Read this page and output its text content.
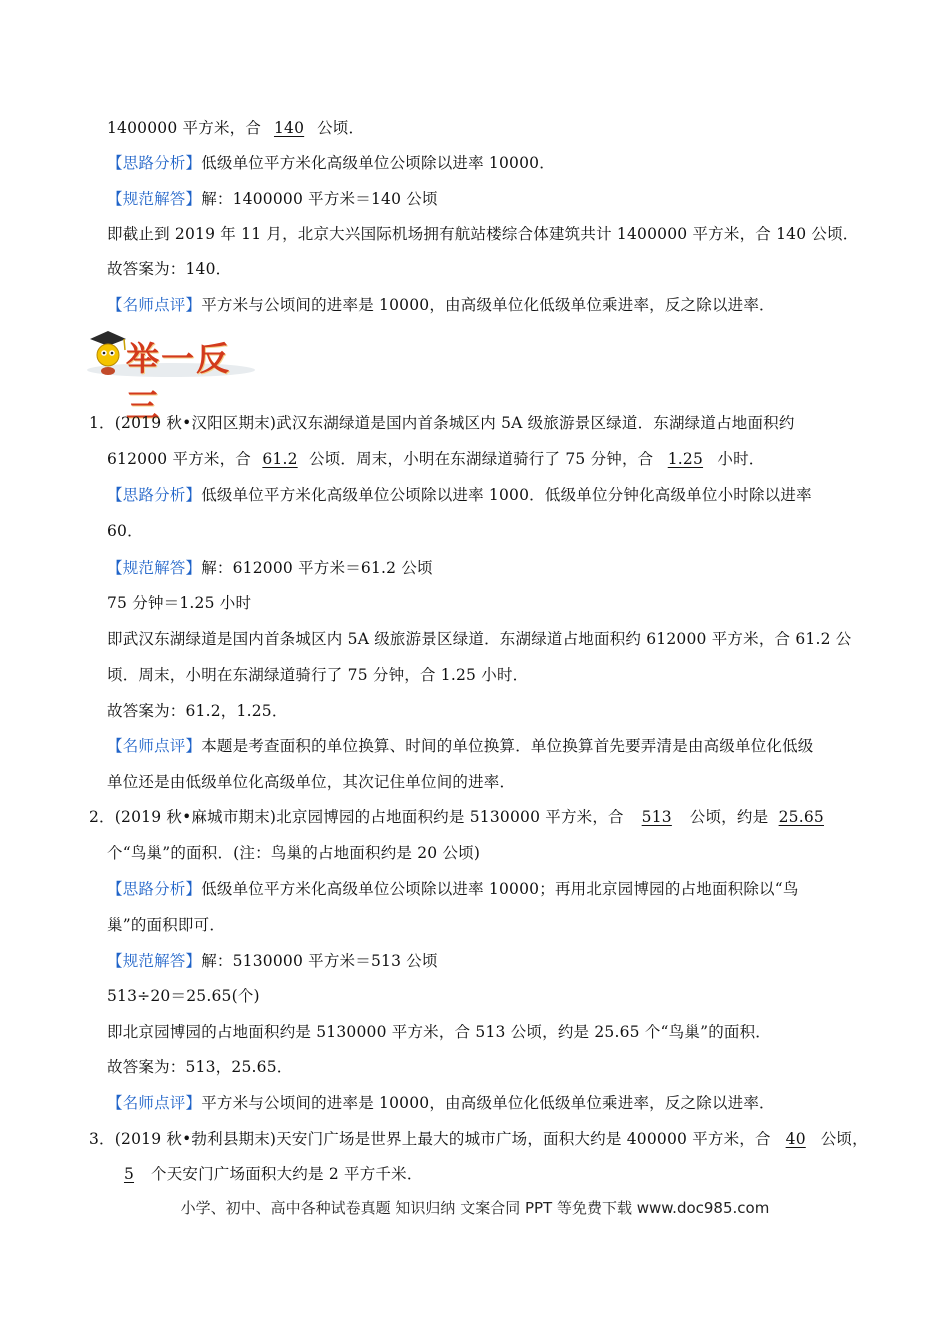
1400000 平方米，合 140 公顷．
【思路分析】低级单位平方米化高级单位公顷除以进率 10000．
【规范解答】解：1400000 平方米＝140 公顷
即截止到 2019 年 11 月，北京大兴国际机场拥有航站楼综合体建筑共计 1400000 平方米，合 140 公顷．
故答案为：140．
【名师点评】平方米与公顷间的进率是 10000，由高级单位化低级单位乘进率，反之除以进率．
举一反三
1．(2019 秋•汉阳区期末)武汉东湖绿道是国内首条城区内 5A 级旅游景区绿道．东湖绿道占地面积约
612000 平方米，合 61.2 公顷．周末，小明在东湖绿道骑行了 75 分钟，合 1.25 小时．
【思路分析】低级单位平方米化高级单位公顷除以进率 1000．低级单位分钟化高级单位小时除以进率
60．
【规范解答】解：612000 平方米＝61.2 公顷
75 分钟＝1.25 小时
即武汉东湖绿道是国内首条城区内 5A 级旅游景区绿道．东湖绿道占地面积约 612000 平方米，合 61.2 公
顷．周末，小明在东湖绿道骑行了 75 分钟，合 1.25 小时．
故答案为：61.2，1.25．
【名师点评】本题是考查面积的单位换算、时间的单位换算．单位换算首先要弄清是由高级单位化低级
单位还是由低级单位化高级单位，其次记住单位间的进率．
2．(2019 秋•麻城市期末)北京园博园的占地面积约是 5130000 平方米，合 513 公顷，约是 25.65
个“鸟巢”的面积．(注：鸟巢的占地面积约是 20 公顷)
【思路分析】低级单位平方米化高级单位公顷除以进率 10000；再用北京园博园的占地面积除以“鸟
巢”的面积即可．
【规范解答】解：5130000 平方米＝513 公顷
513÷20＝25.65(个)
即北京园博园的占地面积约是 5130000 平方米，合 513 公顷，约是 25.65 个“鸟巢”的面积．
故答案为：513，25.65．
【名师点评】平方米与公顷间的进率是 10000，由高级单位化低级单位乘进率，反之除以进率．
3．(2019 秋•勃利县期末)天安门广场是世界上最大的城市广场，面积大约是 400000 平方米，合 40 公顷，
5 个天安门广场面积大约是 2 平方千米．
小学、初中、高中各种试卷真题 知识归纳 文案合同 PPT 等免费下载 www.doc985.com
